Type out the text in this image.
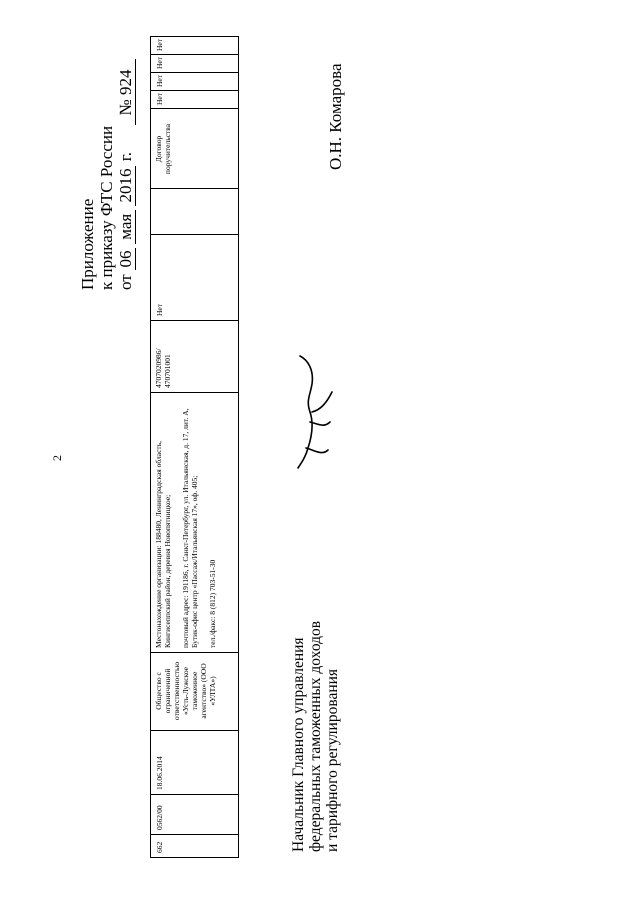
2
Приложение к приказу ФТС России от 06 мая 2016 г.  № 924	О.Н. Комарова
Начальник Главного управления федеральных таможенных доходов и тарифного регулирования
662
0562/00
18.06.2014
Общество с ограниченной ответственностью «Усть-Лужское таможенное агентство» (ООО «УЛТА»)
Местонахождение организации: 188480, Ленинградская область, Кингисеппский район, деревня Новопятницкое; почтовый адрес: 191186, г. Санкт-Петербург, ул. Итальянская, д. 17, лит. А, Бутик-офис центр «Пассаж/Итальянская 17», оф. 405; тел./факс: 8 (812) 703-51-30
4707020986/ 470701001
Нет
Договор поручительства
Нет
Нет
Нет
Нет
